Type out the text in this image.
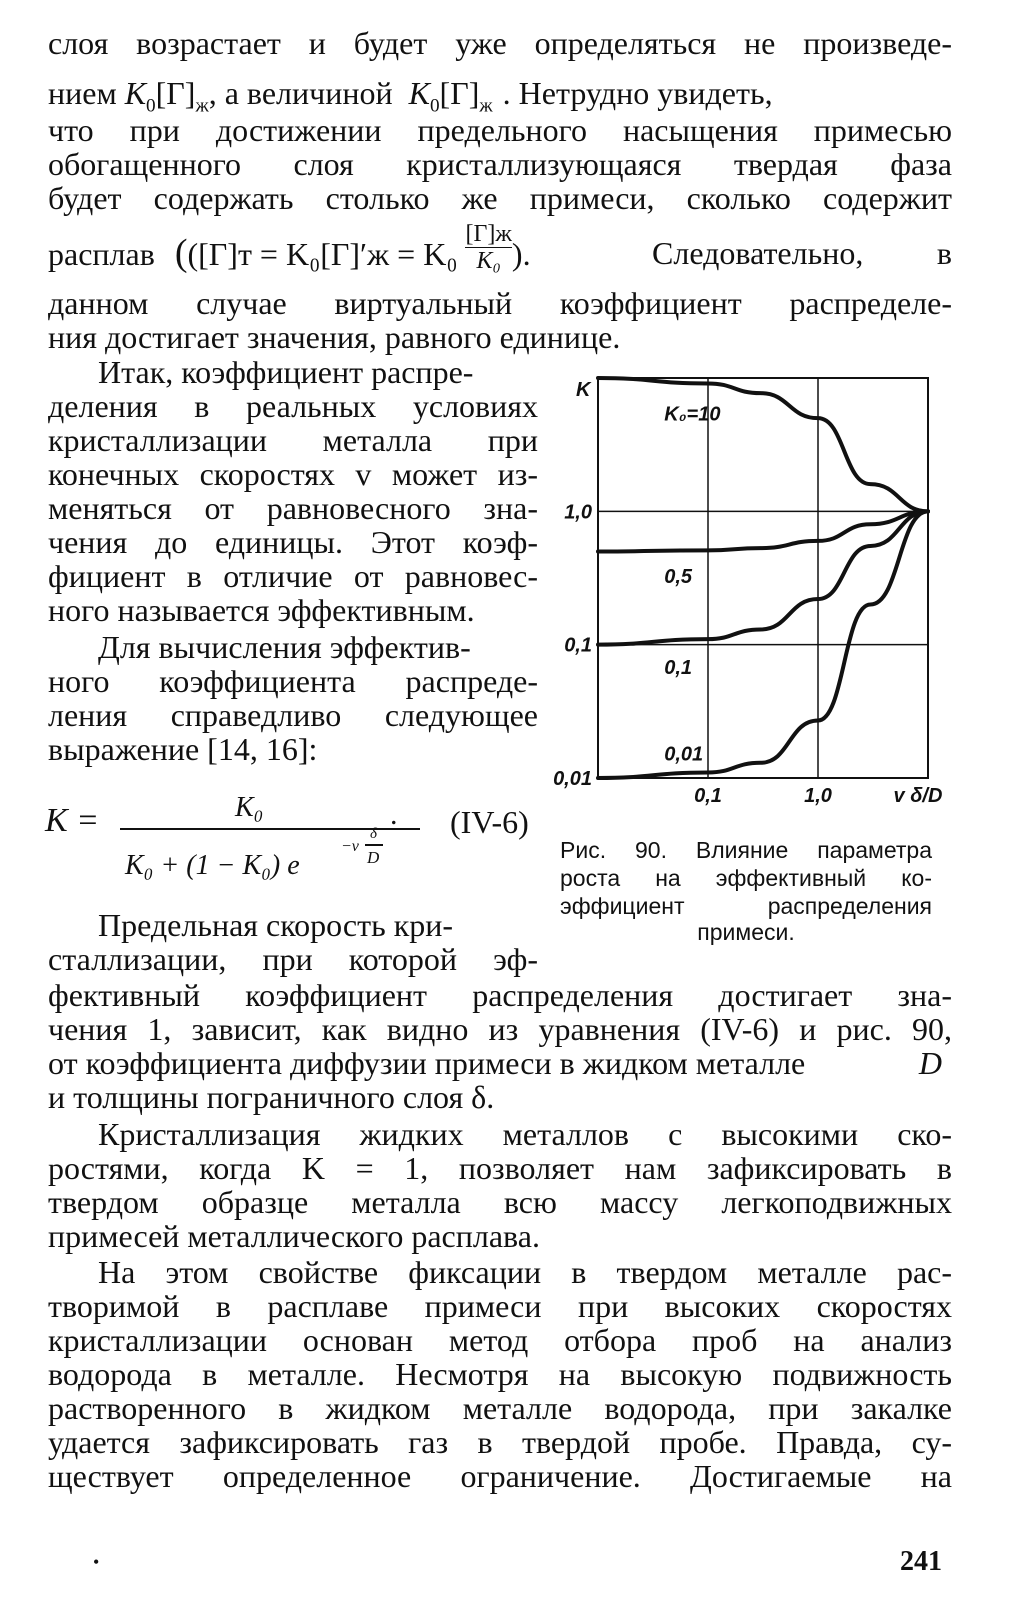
слоя возрастает и будет уже определяться не произведе-
нием $K_0[Г]_ж$, а величиной $K_0[Г]_ж$ . Нетрудно увидеть,
что при достижении предельного насыщения примесью
обогащенного слоя кристаллизующаяся твердая фаза
будет содержать столько же примеси, сколько содержит
расплав (([Г]т = K₀[Г]′ж = K₀
[Г]ж
K₀ ).	Следовательно, в
данном случае виртуальный коэффициент распределе-
ния достигает значения, равного единице.
Итак, коэффициент распре-
деления в реальных условиях
кристаллизации металла при
конечных скоростях v может из-
меняться от равновесного зна-
чения до единицы. Этот коэф-
фициент в отличие от равновес-
ного называется эффективным.
Для вычисления эффектив-
ного коэффициента распреде-
ления справедливо следующее
выражение [14, 16]:
K =	K₀
K₀ + (1 − K₀) e
−v
δ
D
. (IV-6)
Предельная скорость кри-
сталлизации, при которой эф-
K
1,0
0,1
0,01
0,1	1,0	v δ/D
K₀=10
0,5
0,1
0,01
Рис. 90. Влияние параметра
роста на эффективный ко-
эффициент распределения
примеси.
фективный коэффициент распределения достигает зна-
чения 1, зависит, как видно из уравнения (IV-6) и рис. 90,
от коэффициента диффузии примеси в жидком металле	D
и толщины пограничного слоя δ.
Кристаллизация жидких металлов с высокими ско-
ростями, когда K = 1, позволяет нам зафиксировать в
твердом образце металла всю массу легкоподвижных
примесей металлического расплава.
На этом свойстве фиксации в твердом металле рас-
творимой в расплаве примеси при высоких скоростях
кристаллизации основан метод отбора проб на анализ
водорода в металле. Несмотря на высокую подвижность
растворенного в жидком металле водорода, при закалке
удается зафиксировать газ в твердой пробе. Правда, су-
ществует определенное ограничение. Достигаемые на
•	241
